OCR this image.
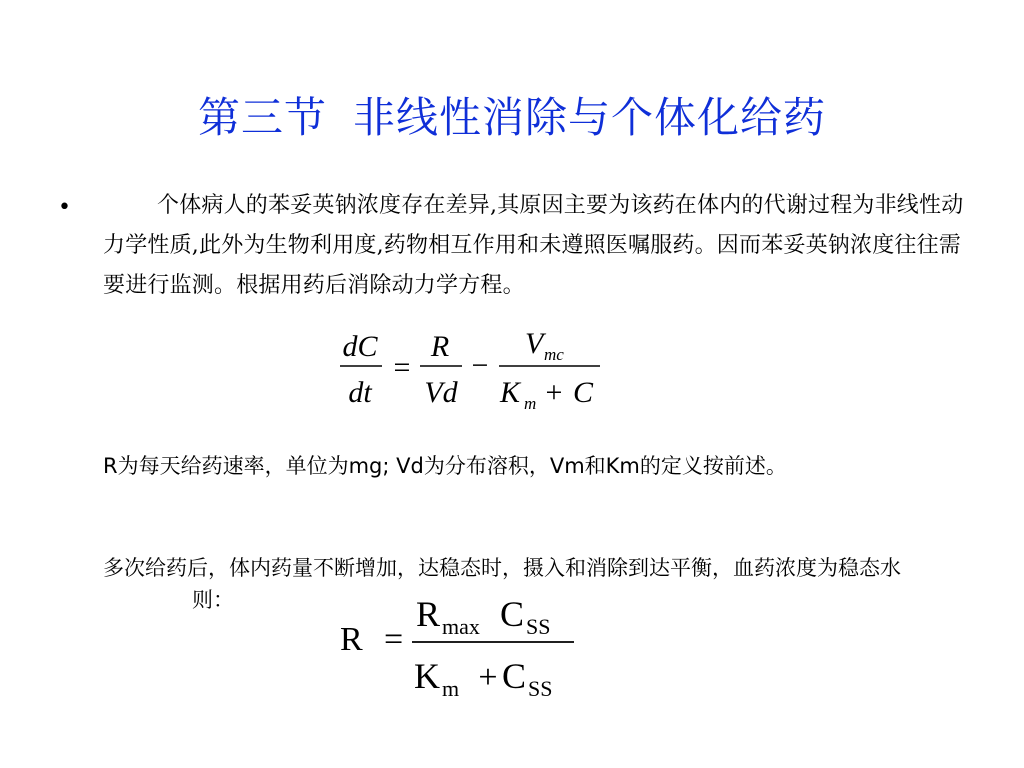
第三节 非线性消除与个体化给药
•	个体病人的苯妥英钠浓度存在差异,其原因主要为该药在体内的代谢过程为非线性动力学性质,此外为生物利用度,药物相互作用和未遵照医嘱服药。因而苯妥英钠浓度往往需要进行监测。根据用药后消除动力学方程。
dC
dt
=
R
Vd
−
V mc
K m + C
R为每天给药速率，单位为mg; Vd为分布溶积，Vm和Km的定义按前述。
多次给药后，体内药量不断增加，达稳态时，摄入和消除到达平衡，血药浓度为稳态水则：
R =
R max C SS
K m + C SS
